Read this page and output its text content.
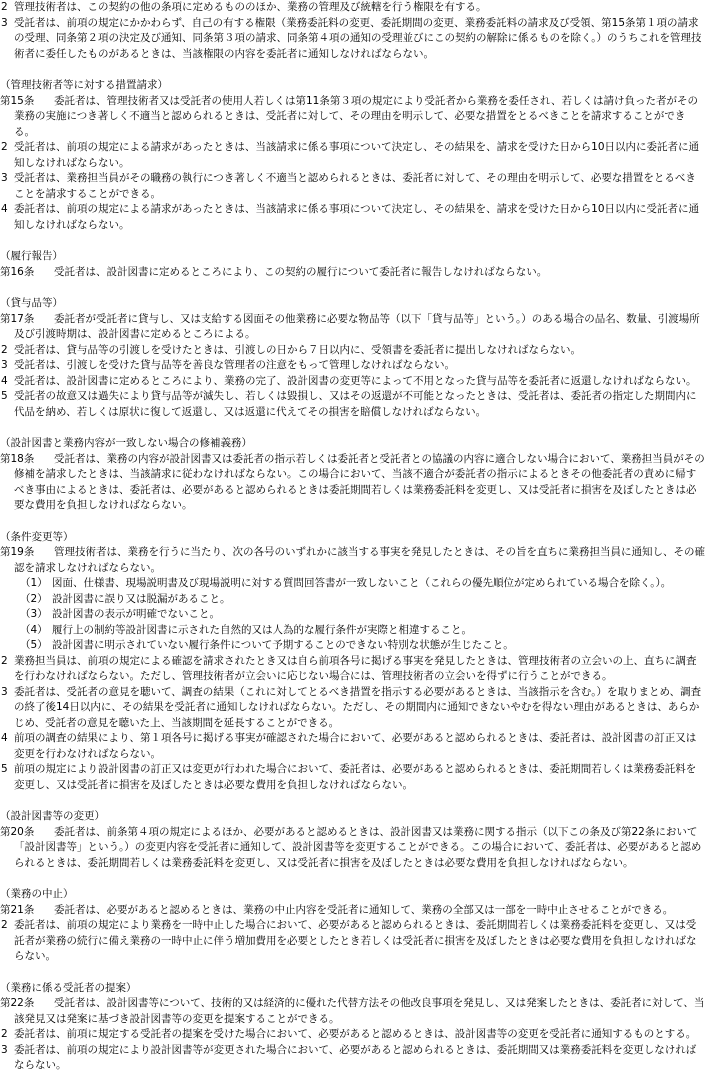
2 管理技術者は、この契約の他の条項に定めるもののほか、業務の管理及び統轄を行う権限を有する。
3 受託者は、前項の規定にかかわらず、自己の有する権限（業務委託料の変更、委託期間の変更、業務委託料の請求及び受領、第15条第１項の請求の受理、同条第２項の決定及び通知、同条第３項の請求、同条第４項の通知の受理並びにこの契約の解除に係るものを除く。）のうちこれを管理技術者に委任したものがあるときは、当該権限の内容を委託者に通知しなければならない。
（管理技術者等に対する措置請求）
第15条	委託者は、管理技術者又は受託者の使用人若しくは第11条第３項の規定により受託者から業務を委任され、若しくは請け負った者がその業務の実施につき著しく不適当と認められるときは、受託者に対して、その理由を明示して、必要な措置をとるべきことを請求することができる。
2 受託者は、前項の規定による請求があったときは、当該請求に係る事項について決定し、その結果を、請求を受けた日から10日以内に委託者に通知しなければならない。
3 受託者は、業務担当員がその職務の執行につき著しく不適当と認められるときは、委託者に対して、その理由を明示して、必要な措置をとるべきことを請求することができる。
4 委託者は、前項の規定による請求があったときは、当該請求に係る事項について決定し、その結果を、請求を受けた日から10日以内に受託者に通知しなければならない。
（履行報告）
第16条	受託者は、設計図書に定めるところにより、この契約の履行について委託者に報告しなければならない。
（貸与品等）
第17条	委託者が受託者に貸与し、又は支給する図面その他業務に必要な物品等（以下「貸与品等」という。）のある場合の品名、数量、引渡場所及び引渡時期は、設計図書に定めるところによる。
2 受託者は、貸与品等の引渡しを受けたときは、引渡しの日から７日以内に、受領書を委託者に提出しなければならない。
3 受託者は、引渡しを受けた貸与品等を善良な管理者の注意をもって管理しなければならない。
4 受託者は、設計図書に定めるところにより、業務の完了、設計図書の変更等によって不用となった貸与品等を委託者に返還しなければならない。
5 受託者の故意又は過失により貸与品等が滅失し、若しくは毀損し、又はその返還が不可能となったときは、受託者は、委託者の指定した期間内に代品を納め、若しくは原状に復して返還し、又は返還に代えてその損害を賠償しなければならない。
（設計図書と業務内容が一致しない場合の修補義務）
第18条	受託者は、業務の内容が設計図書又は委託者の指示若しくは委託者と受託者との協議の内容に適合しない場合において、業務担当員がその修補を請求したときは、当該請求に従わなければならない。この場合において、当該不適合が委託者の指示によるときその他委託者の責めに帰すべき事由によるときは、委託者は、必要があると認められるときは委託期間若しくは業務委託料を変更し、又は受託者に損害を及ぼしたときは必要な費用を負担しなければならない。
（条件変更等）
第19条	管理技術者は、業務を行うに当たり、次の各号のいずれかに該当する事実を発見したときは、その旨を直ちに業務担当員に通知し、その確認を請求しなければならない。
（1） 図面、仕様書、現場説明書及び現場説明に対する質問回答書が一致しないこと（これらの優先順位が定められている場合を除く。）。
（2） 設計図書に誤り又は脱漏があること。
（3） 設計図書の表示が明確でないこと。
（4） 履行上の制約等設計図書に示された自然的又は人為的な履行条件が実際と相違すること。
（5） 設計図書に明示されていない履行条件について予期することのできない特別な状態が生じたこと。
2 業務担当員は、前項の規定による確認を請求されたとき又は自ら前項各号に掲げる事実を発見したときは、管理技術者の立会いの上、直ちに調査を行わなければならない。ただし、管理技術者が立会いに応じない場合には、管理技術者の立会いを得ずに行うことができる。
3 委託者は、受託者の意見を聴いて、調査の結果（これに対してとるべき措置を指示する必要があるときは、当該指示を含む。）を取りまとめ、調査の終了後14日以内に、その結果を受託者に通知しなければならない。ただし、その期間内に通知できないやむを得ない理由があるときは、あらかじめ、受託者の意見を聴いた上、当該期間を延長することができる。
4 前項の調査の結果により、第１項各号に掲げる事実が確認された場合において、必要があると認められるときは、委託者は、設計図書の訂正又は変更を行わなければならない。
5 前項の規定により設計図書の訂正又は変更が行われた場合において、委託者は、必要があると認められるときは、委託期間若しくは業務委託料を変更し、又は受託者に損害を及ぼしたときは必要な費用を負担しなければならない。
（設計図書等の変更）
第20条	委託者は、前条第４項の規定によるほか、必要があると認めるときは、設計図書又は業務に関する指示（以下この条及び第22条において「設計図書等」という。）の変更内容を受託者に通知して、設計図書等を変更することができる。この場合において、委託者は、必要があると認められるときは、委託期間若しくは業務委託料を変更し、又は受託者に損害を及ぼしたときは必要な費用を負担しなければならない。
（業務の中止）
第21条	委託者は、必要があると認めるときは、業務の中止内容を受託者に通知して、業務の全部又は一部を一時中止させることができる。
2 委託者は、前項の規定により業務を一時中止した場合において、必要があると認められるときは、委託期間若しくは業務委託料を変更し、又は受託者が業務の続行に備え業務の一時中止に伴う増加費用を必要としたとき若しくは受託者に損害を及ぼしたときは必要な費用を負担しなければならない。
（業務に係る受託者の提案）
第22条	受託者は、設計図書等について、技術的又は経済的に優れた代替方法その他改良事項を発見し、又は発案したときは、委託者に対して、当該発見又は発案に基づき設計図書等の変更を提案することができる。
2 委託者は、前項に規定する受託者の提案を受けた場合において、必要があると認めるときは、設計図書等の変更を受託者に通知するものとする。
3 委託者は、前項の規定により設計図書等が変更された場合において、必要があると認められるときは、委託期間又は業務委託料を変更しなければならない。
